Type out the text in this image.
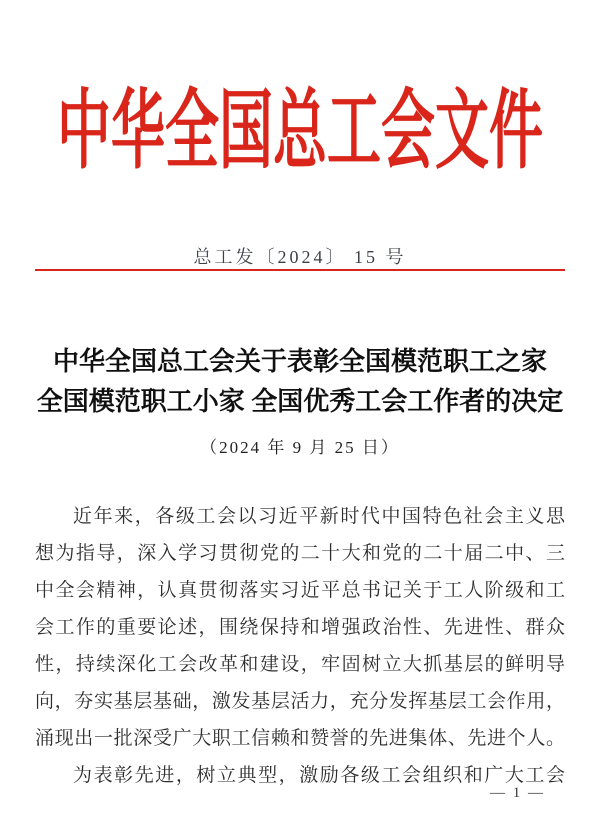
中华全国总工会文件
总工发〔2024〕 15 号
中华全国总工会关于表彰全国模范职工之家
全国模范职工小家 全国优秀工会工作者的决定
（2024 年 9 月 25 日）
近年来，各级工会以习近平新时代中国特色社会主义思
想为指导，深入学习贯彻党的二十大和党的二十届二中、三
中全会精神，认真贯彻落实习近平总书记关于工人阶级和工
会工作的重要论述，围绕保持和增强政治性、先进性、群众
性，持续深化工会改革和建设，牢固树立大抓基层的鲜明导
向，夯实基层基础，激发基层活力，充分发挥基层工会作用，
涌现出一批深受广大职工信赖和赞誉的先进集体、先进个人。
为表彰先进，树立典型，激励各级工会组织和广大工会
— 1 —
